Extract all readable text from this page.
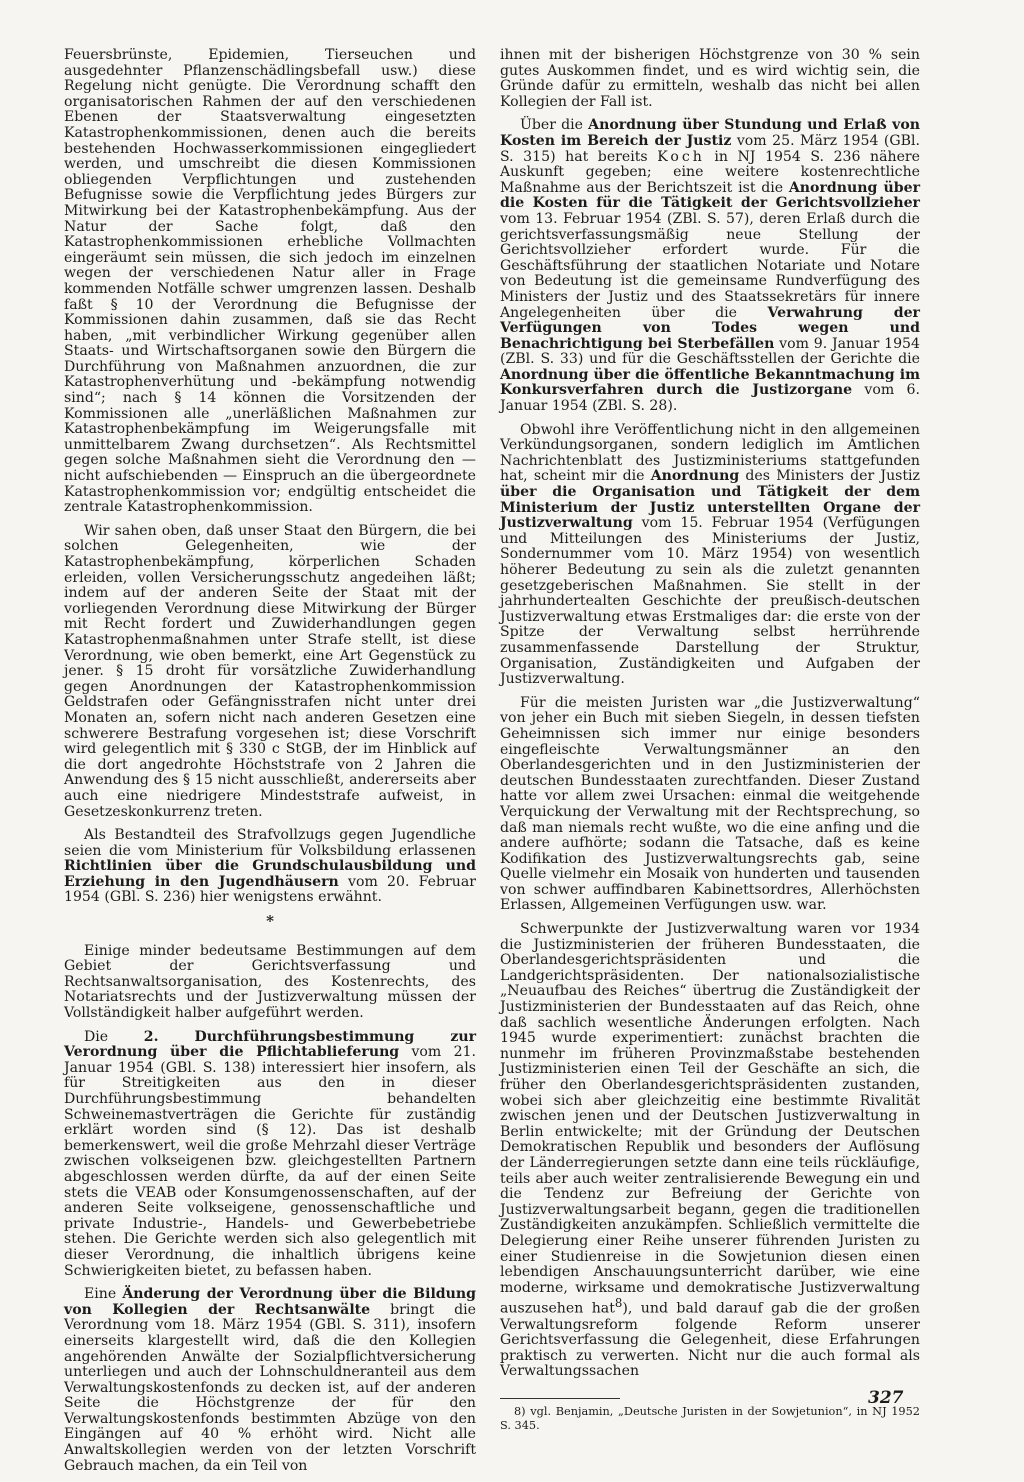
Feuersbrünste, Epidemien, Tierseuchen und ausgedehnter Pflanzenschädlingsbefall usw.) diese Regelung nicht genügte. Die Verordnung schafft den organisatorischen Rahmen der auf den verschiedenen Ebenen der Staatsverwaltung eingesetzten Katastrophenkommissionen, denen auch die bereits bestehenden Hochwasserkommissionen eingegliedert werden, und umschreibt die diesen Kommissionen obliegenden Verpflichtungen und zustehenden Befugnisse sowie die Verpflichtung jedes Bürgers zur Mitwirkung bei der Katastrophenbekämpfung. Aus der Natur der Sache folgt, daß den Katastrophenkommissionen erhebliche Vollmachten eingeräumt sein müssen, die sich jedoch im einzelnen wegen der verschiedenen Natur aller in Frage kommenden Notfälle schwer umgrenzen lassen. Deshalb faßt § 10 der Verordnung die Befugnisse der Kommissionen dahin zusammen, daß sie das Recht haben, „mit verbindlicher Wirkung gegenüber allen Staats- und Wirtschaftsorganen sowie den Bürgern die Durchführung von Maßnahmen anzuordnen, die zur Katastrophenverhütung und -bekämpfung notwendig sind“; nach § 14 können die Vorsitzenden der Kommissionen alle „unerläßlichen Maßnahmen zur Katastrophenbekämpfung im Weigerungsfalle mit unmittelbarem Zwang durchsetzen“. Als Rechtsmittel gegen solche Maßnahmen sieht die Verordnung den — nicht aufschiebenden — Einspruch an die übergeordnete Katastrophenkommission vor; endgültig entscheidet die zentrale Katastrophenkommission.

Wir sahen oben, daß unser Staat den Bürgern, die bei solchen Gelegenheiten, wie der Katastrophenbekämpfung, körperlichen Schaden erleiden, vollen Versicherungsschutz angedeihen läßt; indem auf der anderen Seite der Staat mit der vorliegenden Verordnung diese Mitwirkung der Bürger mit Recht fordert und Zuwiderhandlungen gegen Katastrophenmaßnahmen unter Strafe stellt, ist diese Verordnung, wie oben bemerkt, eine Art Gegenstück zu jener. § 15 droht für vorsätzliche Zuwiderhandlung gegen Anordnungen der Katastrophenkommission Geldstrafen oder Gefängnisstrafen nicht unter drei Monaten an, sofern nicht nach anderen Gesetzen eine schwerere Bestrafung vorgesehen ist; diese Vorschrift wird gelegentlich mit § 330 c StGB, der im Hinblick auf die dort angedrohte Höchststrafe von 2 Jahren die Anwendung des § 15 nicht ausschließt, andererseits aber auch eine niedrigere Mindeststrafe aufweist, in Gesetzeskonkurrenz treten.

Als Bestandteil des Strafvollzugs gegen Jugendliche seien die vom Ministerium für Volksbildung erlassenen Richtlinien über die Grundschulausbildung und Erziehung in den Jugendhäusern vom 20. Februar 1954 (GBl. S. 236) hier wenigstens erwähnt.

*

Einige minder bedeutsame Bestimmungen auf dem Gebiet der Gerichtsverfassung und Rechtsanwaltsorganisation, des Kostenrechts, des Notariatsrechts und der Justizverwaltung müssen der Vollständigkeit halber aufgeführt werden.

Die 2. Durchführungsbestimmung zur Verordnung über die Pflichtablieferung vom 21. Januar 1954 (GBl. S. 138) interessiert hier insofern, als für Streitigkeiten aus den in dieser Durchführungsbestimmung behandelten Schweinemastverträgen die Gerichte für zuständig erklärt worden sind (§ 12). Das ist deshalb bemerkenswert, weil die große Mehrzahl dieser Verträge zwischen volkseigenen bzw. gleichgestellten Partnern abgeschlossen werden dürfte, da auf der einen Seite stets die VEAB oder Konsumgenossenschaften, auf der anderen Seite volkseigene, genossenschaftliche und private Industrie-, Handels- und Gewerbebetriebe stehen. Die Gerichte werden sich also gelegentlich mit dieser Verordnung, die inhaltlich übrigens keine Schwierigkeiten bietet, zu befassen haben.

Eine Änderung der Verordnung über die Bildung von Kollegien der Rechtsanwälte bringt die Verordnung vom 18. März 1954 (GBl. S. 311), insofern einerseits klargestellt wird, daß die den Kollegien angehörenden Anwälte der Sozialpflichtversicherung unterliegen und auch der Lohnschuldneranteil aus dem Verwaltungskostenfonds zu decken ist, auf der anderen Seite die Höchstgrenze der für den Verwaltungskostenfonds bestimmten Abzüge von den Eingängen auf 40 % erhöht wird. Nicht alle Anwaltskollegien werden von der letzten Vorschrift Gebrauch machen, da ein Teil von

ihnen mit der bisherigen Höchstgrenze von 30 % sein gutes Auskommen findet, und es wird wichtig sein, die Gründe dafür zu ermitteln, weshalb das nicht bei allen Kollegien der Fall ist.

Über die Anordnung über Stundung und Erlaß von Kosten im Bereich der Justiz vom 25. März 1954 (GBl. S. 315) hat bereits Koch in NJ 1954 S. 236 nähere Auskunft gegeben; eine weitere kostenrechtliche Maßnahme aus der Berichtszeit ist die Anordnung über die Kosten für die Tätigkeit der Gerichtsvollzieher vom 13. Februar 1954 (ZBl. S. 57), deren Erlaß durch die gerichtsverfassungsmäßig neue Stellung der Gerichtsvollzieher erfordert wurde. Für die Geschäftsführung der staatlichen Notariate und Notare von Bedeutung ist die gemeinsame Rundverfügung des Ministers der Justiz und des Staatssekretärs für innere Angelegenheiten über die Verwahrung der Verfügungen von Todes wegen und Benachrichtigung bei Sterbefällen vom 9. Januar 1954 (ZBl. S. 33) und für die Geschäftsstellen der Gerichte die Anordnung über die öffentliche Bekanntmachung im Konkursverfahren durch die Justizorgane vom 6. Januar 1954 (ZBl. S. 28).

Obwohl ihre Veröffentlichung nicht in den allgemeinen Verkündungsorganen, sondern lediglich im Amtlichen Nachrichtenblatt des Justizministeriums stattgefunden hat, scheint mir die Anordnung des Ministers der Justiz über die Organisation und Tätigkeit der dem Ministerium der Justiz unterstellten Organe der Justizverwaltung vom 15. Februar 1954 (Verfügungen und Mitteilungen des Ministeriums der Justiz, Sondernummer vom 10. März 1954) von wesentlich höherer Bedeutung zu sein als die zuletzt genannten gesetzgeberischen Maßnahmen. Sie stellt in der jahrhundertealten Geschichte der preußisch-deutschen Justizverwaltung etwas Erstmaliges dar: die erste von der Spitze der Verwaltung selbst herrührende zusammenfassende Darstellung der Struktur, Organisation, Zuständigkeiten und Aufgaben der Justizverwaltung.

Für die meisten Juristen war „die Justizverwaltung“ von jeher ein Buch mit sieben Siegeln, in dessen tiefsten Geheimnissen sich immer nur einige besonders eingefleischte Verwaltungsmänner an den Oberlandesgerichten und in den Justizministerien der deutschen Bundesstaaten zurechtfanden. Dieser Zustand hatte vor allem zwei Ursachen: einmal die weitgehende Verquickung der Verwaltung mit der Rechtsprechung, so daß man niemals recht wußte, wo die eine anfing und die andere aufhörte; sodann die Tatsache, daß es keine Kodifikation des Justizverwaltungsrechts gab, seine Quelle vielmehr ein Mosaik von hunderten und tausenden von schwer auffindbaren Kabinettsordres, Allerhöchsten Erlassen, Allgemeinen Verfügungen usw. war.

Schwerpunkte der Justizverwaltung waren vor 1934 die Justizministerien der früheren Bundesstaaten, die Oberlandesgerichtspräsidenten und die Landgerichtspräsidenten. Der nationalsozialistische „Neuaufbau des Reiches“ übertrug die Zuständigkeit der Justizministerien der Bundesstaaten auf das Reich, ohne daß sachlich wesentliche Änderungen erfolgten. Nach 1945 wurde experimentiert: zunächst brachten die nunmehr im früheren Provinzmaßstabe bestehenden Justizministerien einen Teil der Geschäfte an sich, die früher den Oberlandesgerichtspräsidenten zustanden, wobei sich aber gleichzeitig eine bestimmte Rivalität zwischen jenen und der Deutschen Justizverwaltung in Berlin entwickelte; mit der Gründung der Deutschen Demokratischen Republik und besonders der Auflösung der Länderregierungen setzte dann eine teils rückläufige, teils aber auch weiter zentralisierende Bewegung ein und die Tendenz zur Befreiung der Gerichte von Justizverwaltungsarbeit begann, gegen die traditionellen Zuständigkeiten anzukämpfen. Schließlich vermittelte die Delegierung einer Reihe unserer führenden Juristen zu einer Studienreise in die Sowjetunion diesen einen lebendigen Anschauungsunterricht darüber, wie eine moderne, wirksame und demokratische Justizverwaltung auszusehen hat$^8$), und bald darauf gab die der großen Verwaltungsreform folgende Reform unserer Gerichtsverfassung die Gelegenheit, diese Erfahrungen praktisch zu verwerten. Nicht nur die auch formal als Verwaltungssachen

8) vgl. Benjamin, „Deutsche Juristen in der Sowjetunion“, in NJ 1952 S. 345.
327
